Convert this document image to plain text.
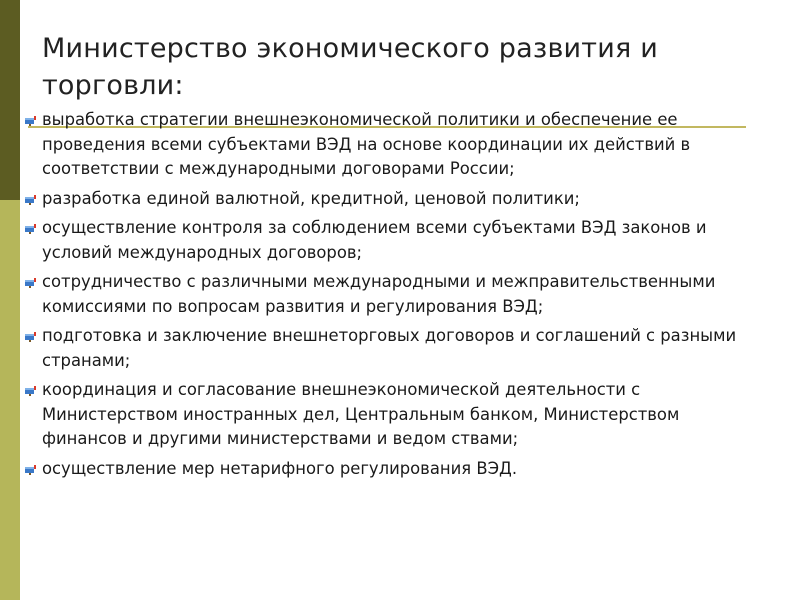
Министерство экономического развития и торговли:
выработка стратегии внешнеэкономической политики и обеспечение ее проведения всеми субъектами ВЭД на основе координации их действий в соответствии с международными договорами России;
разработка единой валютной, кредитной, ценовой политики;
осуществление контроля за соблюдением всеми субъектами ВЭД законов и условий международных договоров;
сотрудничество с различными международными и межправительственными комиссиями по вопросам развития и регулирования ВЭД;
подготовка и заключение внешнеторговых договоров и соглашений с разными странами;
координация и согласование внешнеэкономической деятельности с Министерством иностранных дел, Центральным банком, Министерством финансов и другими министерствами и ведом ствами;
осуществление мер нетарифного регулирования ВЭД.
